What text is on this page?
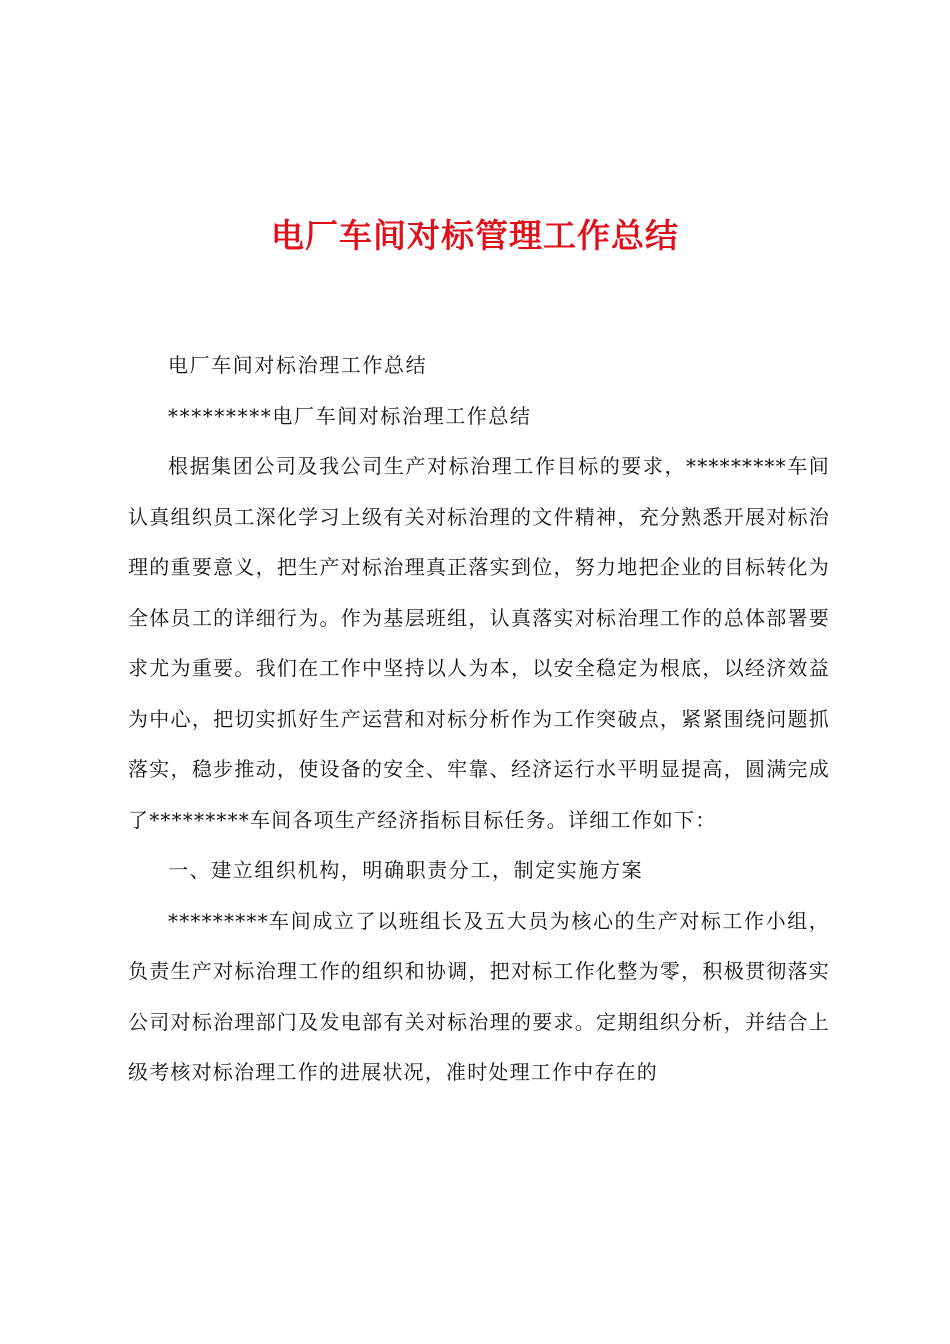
电厂车间对标管理工作总结

电厂车间对标治理工作总结

*********电厂车间对标治理工作总结

根据集团公司及我公司生产对标治理工作目标的要求，*********车间认真组织员工深化学习上级有关对标治理的文件精神，充分熟悉开展对标治理的重要意义，把生产对标治理真正落实到位，努力地把企业的目标转化为全体员工的详细行为。作为基层班组，认真落实对标治理工作的总体部署要求尤为重要。我们在工作中坚持以人为本，以安全稳定为根底，以经济效益为中心，把切实抓好生产运营和对标分析作为工作突破点，紧紧围绕问题抓落实，稳步推动，使设备的安全、牢靠、经济运行水平明显提高，圆满完成了*********车间各项生产经济指标目标任务。详细工作如下：

一、建立组织机构，明确职责分工，制定实施方案

*********车间成立了以班组长及五大员为核心的生产对标工作小组，负责生产对标治理工作的组织和协调，把对标工作化整为零，积极贯彻落实公司对标治理部门及发电部有关对标治理的要求。定期组织分析，并结合上级考核对标治理工作的进展状况，准时处理工作中存在的
